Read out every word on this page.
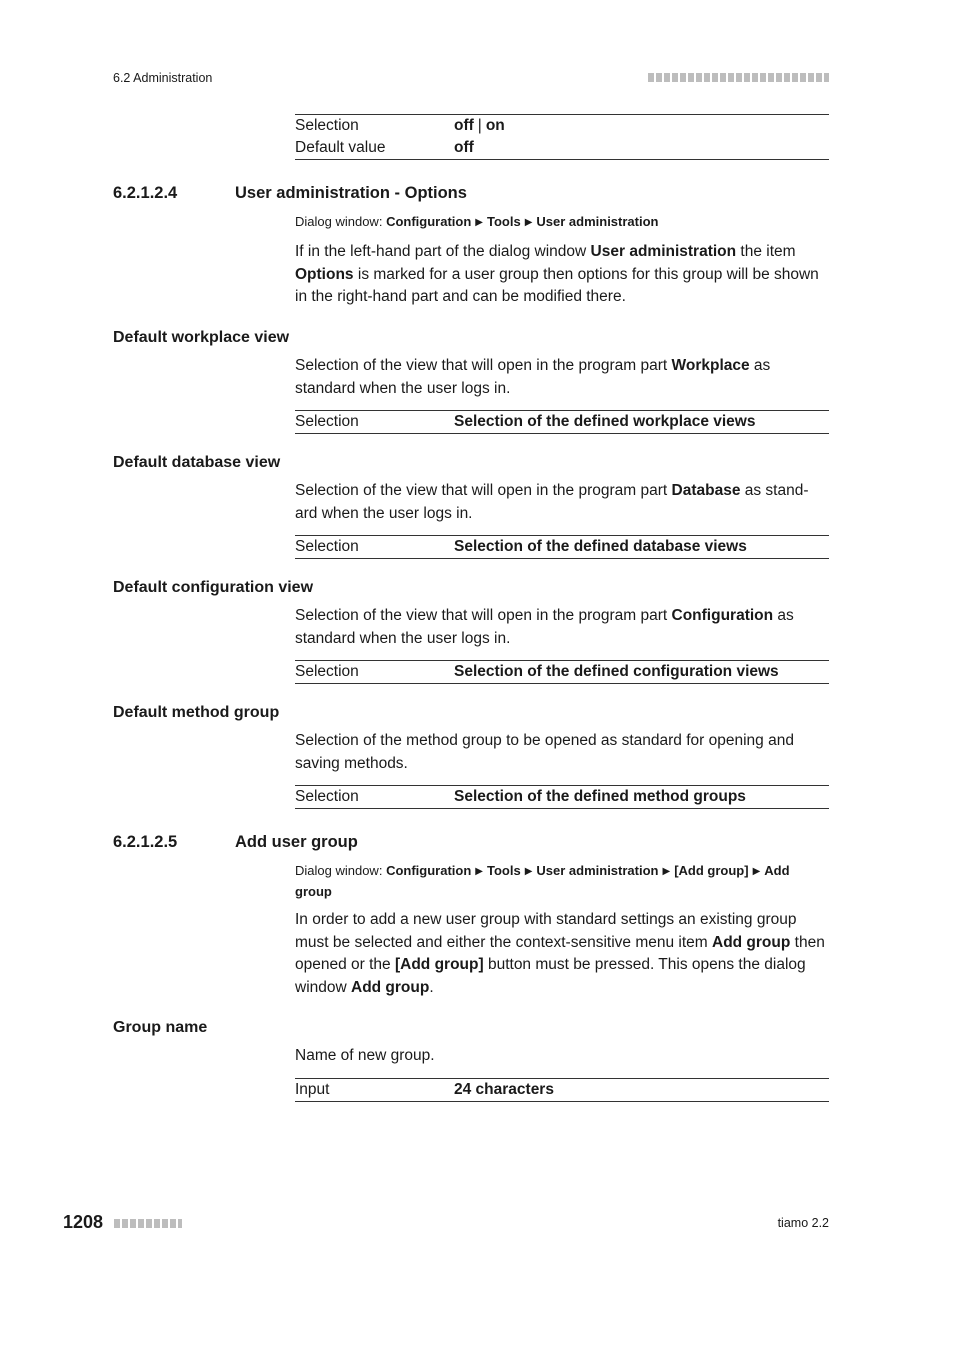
6.2 Administration
Selection	off | on
Default value	off
6.2.1.2.4	User administration - Options
Dialog window: Configuration ▶ Tools ▶ User administration
If in the left-hand part of the dialog window User administration the item Options is marked for a user group then options for this group will be shown in the right-hand part and can be modified there.
Default workplace view
Selection of the view that will open in the program part Workplace as standard when the user logs in.
Selection	Selection of the defined workplace views
Default database view
Selection of the view that will open in the program part Database as stand-ard when the user logs in.
Selection	Selection of the defined database views
Default configuration view
Selection of the view that will open in the program part Configuration as standard when the user logs in.
Selection	Selection of the defined configuration views
Default method group
Selection of the method group to be opened as standard for opening and saving methods.
Selection	Selection of the defined method groups
6.2.1.2.5	Add user group
Dialog window: Configuration ▶ Tools ▶ User administration ▶ [Add group] ▶ Add group
In order to add a new user group with standard settings an existing group must be selected and either the context-sensitive menu item Add group then opened or the [Add group] button must be pressed. This opens the dialog window Add group.
Group name
Name of new group.
Input	24 characters
1208	tiamo 2.2
